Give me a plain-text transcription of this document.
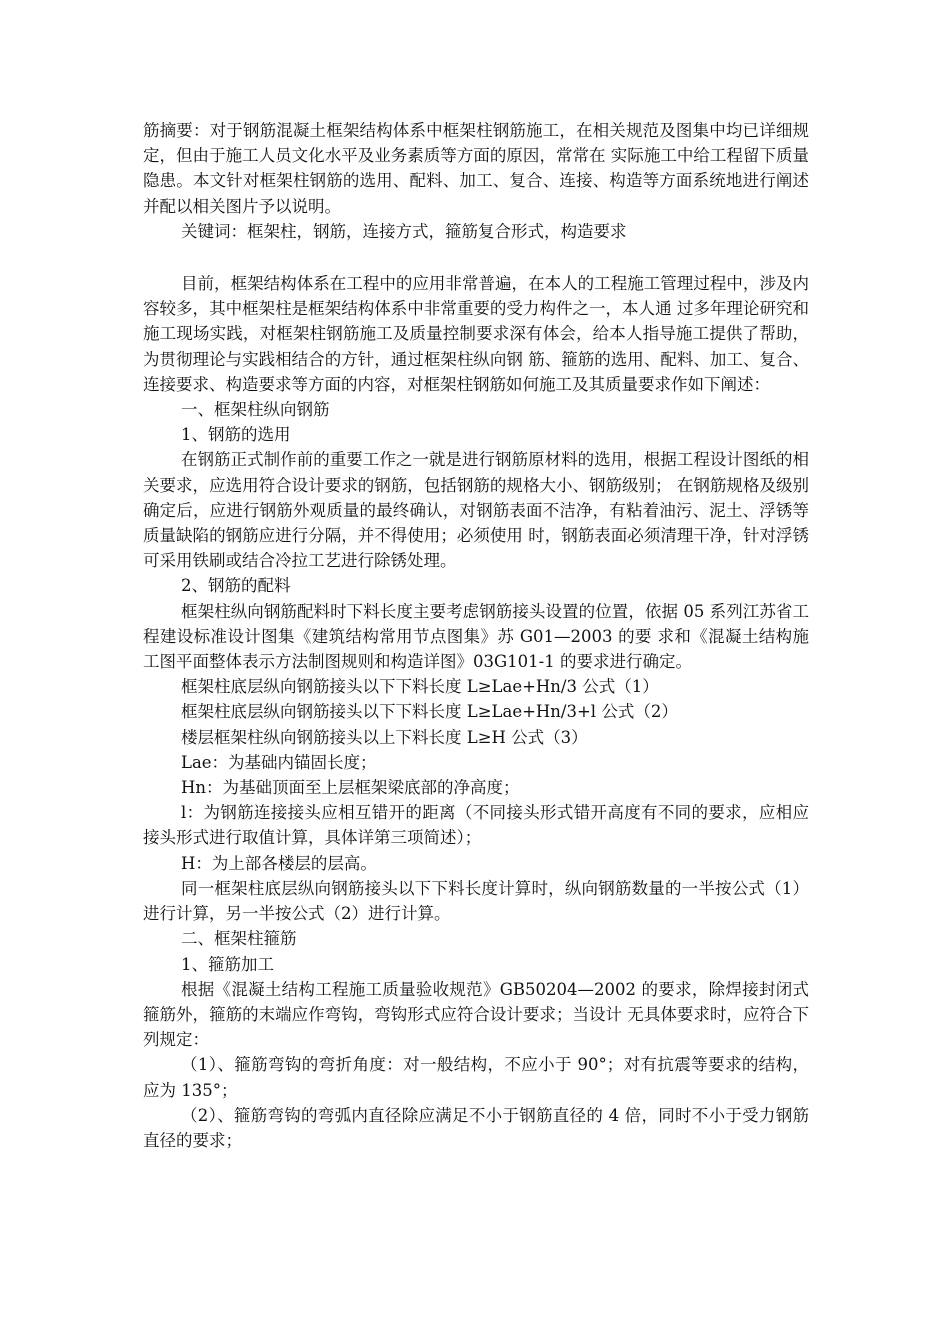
筋摘要：对于钢筋混凝土框架结构体系中框架柱钢筋施工，在相关规范及图集中均已详细规定，但由于施工人员文化水平及业务素质等方面的原因，常常在 实际施工中给工程留下质量隐患。本文针对框架柱钢筋的选用、配料、加工、复合、连接、构造等方面系统地进行阐述并配以相关图片予以说明。

关键词：框架柱，钢筋，连接方式，箍筋复合形式，构造要求

目前，框架结构体系在工程中的应用非常普遍，在本人的工程施工管理过程中，涉及内容较多，其中框架柱是框架结构体系中非常重要的受力构件之一，本人通 过多年理论研究和施工现场实践，对框架柱钢筋施工及质量控制要求深有体会，给本人指导施工提供了帮助，为贯彻理论与实践相结合的方针，通过框架柱纵向钢 筋、箍筋的选用、配料、加工、复合、连接要求、构造要求等方面的内容，对框架柱钢筋如何施工及其质量要求作如下阐述：

一、框架柱纵向钢筋

1、钢筋的选用

在钢筋正式制作前的重要工作之一就是进行钢筋原材料的选用，根据工程设计图纸的相关要求，应选用符合设计要求的钢筋，包括钢筋的规格大小、钢筋级别； 在钢筋规格及级别确定后，应进行钢筋外观质量的最终确认，对钢筋表面不洁净，有粘着油污、泥土、浮锈等质量缺陷的钢筋应进行分隔，并不得使用；必须使用 时，钢筋表面必须清理干净，针对浮锈可采用铁刷或结合冷拉工艺进行除锈处理。

2、钢筋的配料

框架柱纵向钢筋配料时下料长度主要考虑钢筋接头设置的位置，依据 05 系列江苏省工程建设标准设计图集《建筑结构常用节点图集》苏 G01—2003 的要 求和《混凝土结构施工图平面整体表示方法制图规则和构造详图》03G101-1 的要求进行确定。

框架柱底层纵向钢筋接头以下下料长度 L≥Lae+Hn/3 公式（1）

框架柱底层纵向钢筋接头以下下料长度 L≥Lae+Hn/3+l 公式（2）

楼层框架柱纵向钢筋接头以上下料长度 L≥H 公式（3）

Lae：为基础内锚固长度；

Hn：为基础顶面至上层框架梁底部的净高度；

l：为钢筋连接接头应相互错开的距离（不同接头形式错开高度有不同的要求，应相应接头形式进行取值计算，具体详第三项简述）；

H：为上部各楼层的层高。

同一框架柱底层纵向钢筋接头以下下料长度计算时，纵向钢筋数量的一半按公式（1）进行计算，另一半按公式（2）进行计算。

二、框架柱箍筋

1、箍筋加工

根据《混凝土结构工程施工质量验收规范》GB50204—2002 的要求，除焊接封闭式箍筋外，箍筋的末端应作弯钩，弯钩形式应符合设计要求；当设计 无具体要求时，应符合下列规定：

（1）、箍筋弯钩的弯折角度：对一般结构，不应小于 90°；对有抗震等要求的结构，应为 135°；

（2）、箍筋弯钩的弯弧内直径除应满足不小于钢筋直径的 4 倍，同时不小于受力钢筋直径的要求；
